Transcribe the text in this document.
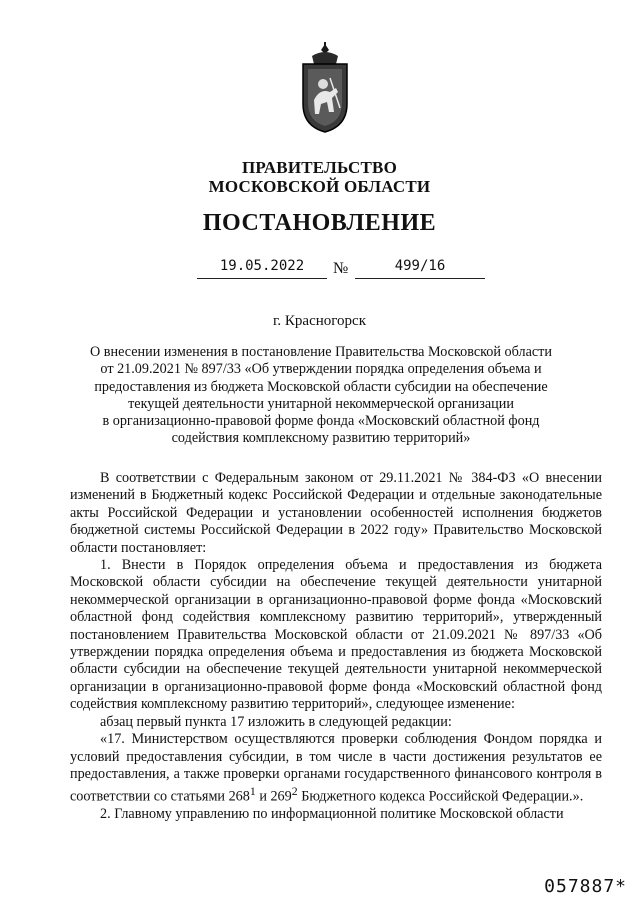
ПРАВИТЕЛЬСТВО
МОСКОВСКОЙ ОБЛАСТИ
ПОСТАНОВЛЕНИЕ
19.05.2022	№	499/16
г. Красногорск
О внесении изменения в постановление Правительства Московской области
от 21.09.2021 № 897/33 «Об утверждении порядка определения объема и
предоставления из бюджета Московской области субсидии на обеспечение
текущей деятельности унитарной некоммерческой организации
в организационно-правовой форме фонда «Московский областной фонд
содействия комплексному развитию территорий»

В соответствии с Федеральным законом от 29.11.2021 № 384-ФЗ «О внесении изменений в Бюджетный кодекс Российской Федерации и отдельные законодательные акты Российской Федерации и установлении особенностей исполнения бюджетов бюджетной системы Российской Федерации в 2022 году» Правительство Московской области постановляет:

1. Внести в Порядок определения объема и предоставления из бюджета Московской области субсидии на обеспечение текущей деятельности унитарной некоммерческой организации в организационно-правовой форме фонда «Московский областной фонд содействия комплексному развитию территорий», утвержденный постановлением Правительства Московской области от 21.09.2021 № 897/33 «Об утверждении порядка определения объема и предоставления из бюджета Московской области субсидии на обеспечение текущей деятельности унитарной некоммерческой организации в организационно-правовой форме фонда «Московский областной фонд содействия комплексному развитию территорий», следующее изменение:

абзац первый пункта 17 изложить в следующей редакции:

«17. Министерством осуществляются проверки соблюдения Фондом порядка и условий предоставления субсидии, в том числе в части достижения результатов ее предоставления, а также проверки органами государственного финансового контроля в соответствии со статьями $268^1$ и $269^2$ Бюджетного кодекса Российской Федерации.».

2. Главному управлению по информационной политике Московской области

057887*
